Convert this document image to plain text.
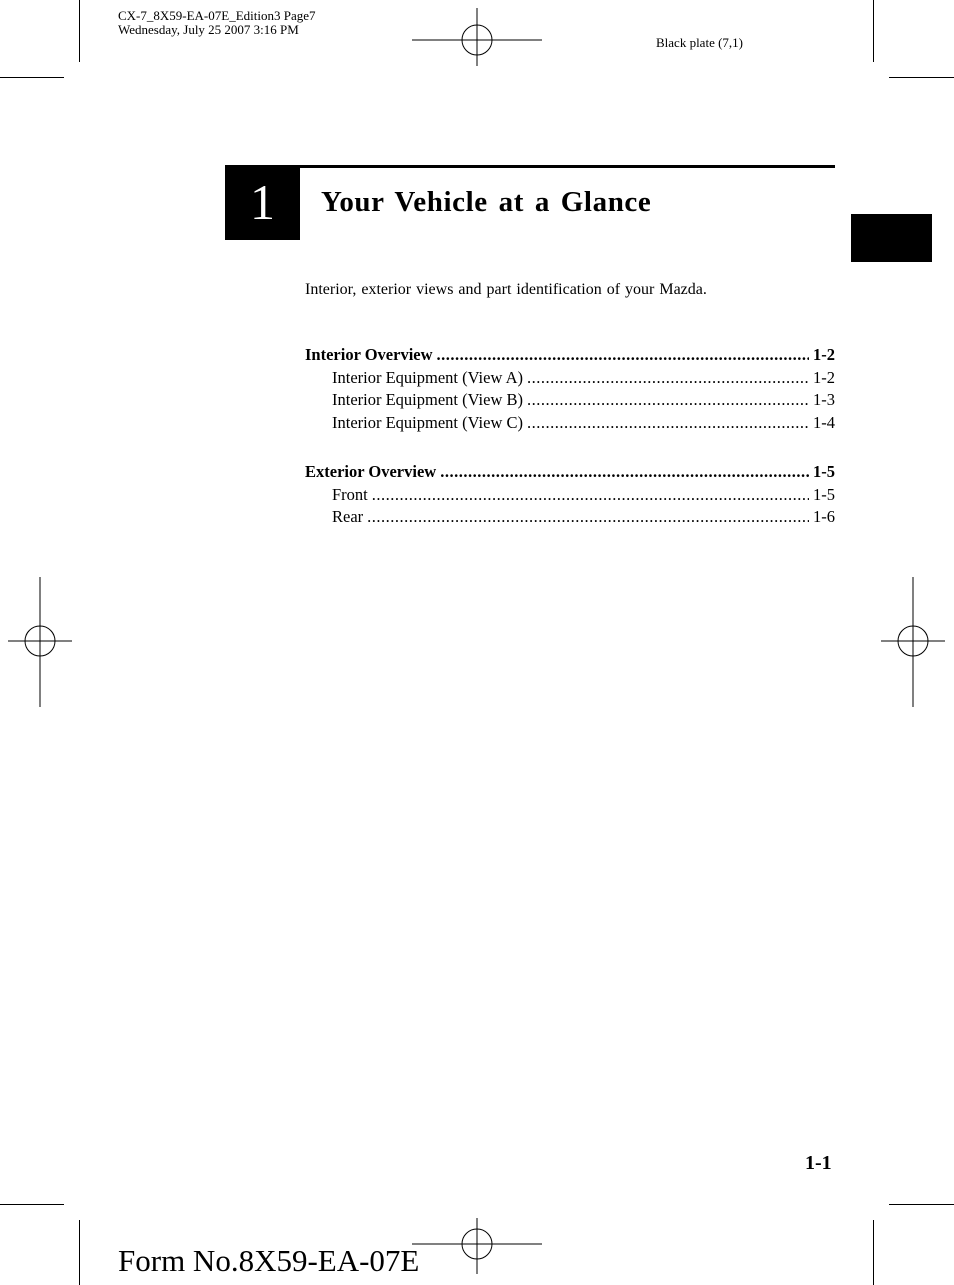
CX-7_8X59-EA-07E_Edition3 Page7
Wednesday, July 25 2007 3:16 PM
Black plate (7,1)
1	Your Vehicle at a Glance
Interior, exterior views and part identification of your Mazda.
Interior Overview .....	1-2
Interior Equipment (View A) .....	1-2
Interior Equipment (View B) .....	1-3
Interior Equipment (View C) .....	1-4
Exterior Overview .....	1-5
Front .....	1-5
Rear .....	1-6
1-1
Form No.8X59-EA-07E
